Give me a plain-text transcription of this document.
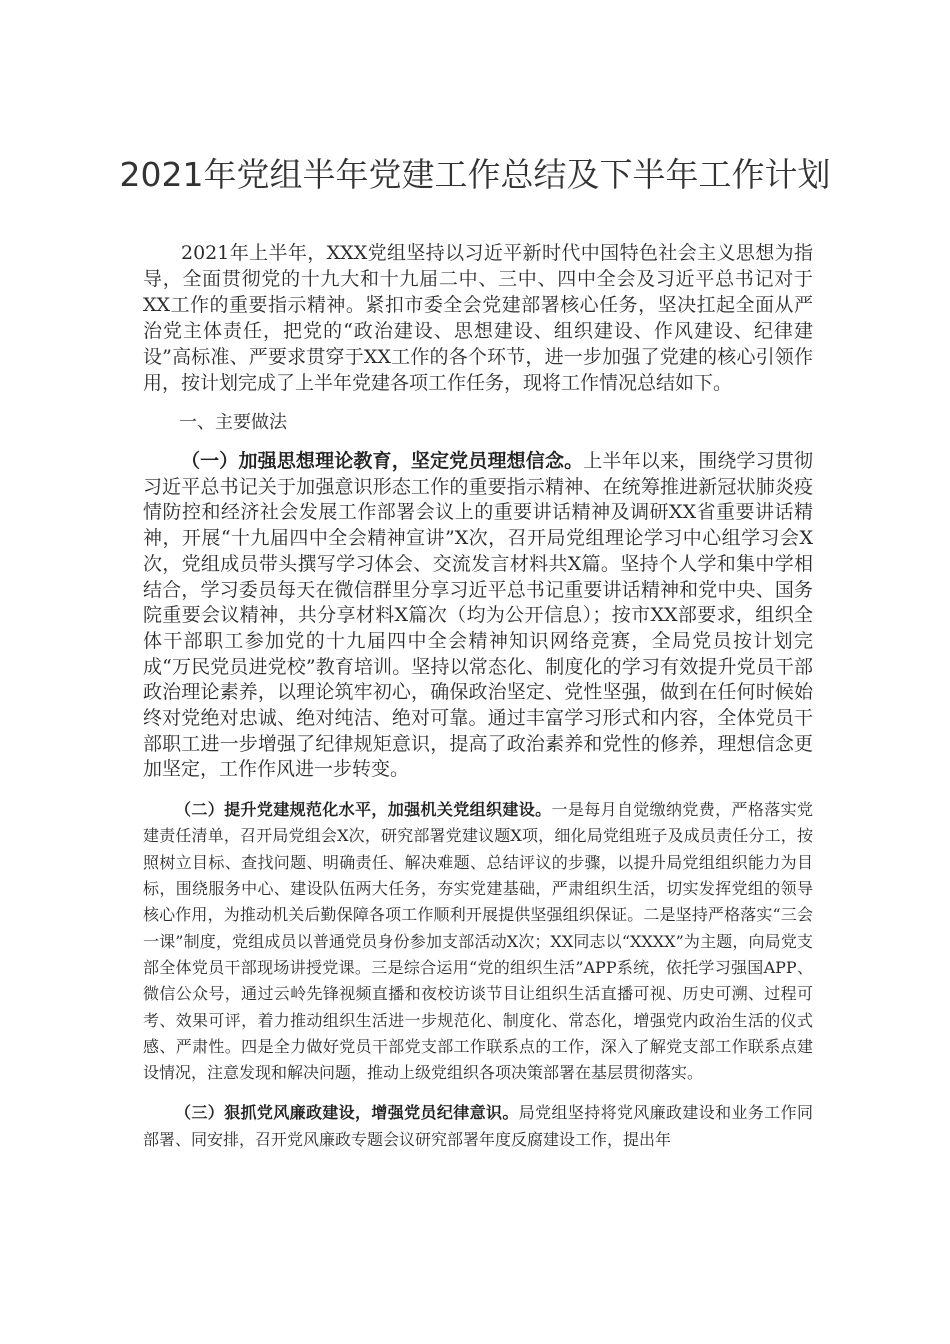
2021年党组半年党建工作总结及下半年工作计划

2021年上半年，XXX党组坚持以习近平新时代中国特色社会主义思想为指导，全面贯彻党的十九大和十九届二中、三中、四中全会及习近平总书记对于XX工作的重要指示精神。紧扣市委全会党建部署核心任务，坚决扛起全面从严治党主体责任，把党的“政治建设、思想建设、组织建设、作风建设、纪律建设”高标准、严要求贯穿于XX工作的各个环节，进一步加强了党建的核心引领作用，按计划完成了上半年党建各项工作任务，现将工作情况总结如下。

一、主要做法

（一）加强思想理论教育，坚定党员理想信念。上半年以来，围绕学习贯彻习近平总书记关于加强意识形态工作的重要指示精神、在统筹推进新冠状肺炎疫情防控和经济社会发展工作部署会议上的重要讲话精神及调研XX省重要讲话精神，开展“十九届四中全会精神宣讲”X次，召开局党组理论学习中心组学习会X次，党组成员带头撰写学习体会、交流发言材料共X篇。坚持个人学和集中学相结合，学习委员每天在微信群里分享习近平总书记重要讲话精神和党中央、国务院重要会议精神，共分享材料X篇次（均为公开信息）；按市XX部要求，组织全体干部职工参加党的十九届四中全会精神知识网络竞赛，全局党员按计划完成“万民党员进党校”教育培训。坚持以常态化、制度化的学习有效提升党员干部政治理论素养，以理论筑牢初心，确保政治坚定、党性坚强，做到在任何时候始终对党绝对忠诚、绝对纯洁、绝对可靠。通过丰富学习形式和内容，全体党员干部职工进一步增强了纪律规矩意识，提高了政治素养和党性的修养，理想信念更加坚定，工作作风进一步转变。

（二）提升党建规范化水平，加强机关党组织建设。一是每月自觉缴纳党费，严格落实党建责任清单，召开局党组会X次，研究部署党建议题X项，细化局党组班子及成员责任分工，按照树立目标、查找问题、明确责任、解决难题、总结评议的步骤，以提升局党组组织能力为目标，围绕服务中心、建设队伍两大任务，夯实党建基础，严肃组织生活，切实发挥党组的领导核心作用，为推动机关后勤保障各项工作顺利开展提供坚强组织保证。二是坚持严格落实“三会一课”制度，党组成员以普通党员身份参加支部活动X次；XX同志以“XXXX”为主题，向局党支部全体党员干部现场讲授党课。三是综合运用“党的组织生活”APP系统，依托学习强国APP、微信公众号，通过云岭先锋视频直播和夜校访谈节目让组织生活直播可视、历史可溯、过程可考、效果可评，着力推动组织生活进一步规范化、制度化、常态化，增强党内政治生活的仪式感、严肃性。四是全力做好党员干部党支部工作联系点的工作，深入了解党支部工作联系点建设情况，注意发现和解决问题，推动上级党组织各项决策部署在基层贯彻落实。

（三）狠抓党风廉政建设，增强党员纪律意识。局党组坚持将党风廉政建设和业务工作同部署、同安排，召开党风廉政专题会议研究部署年度反腐建设工作，提出年
